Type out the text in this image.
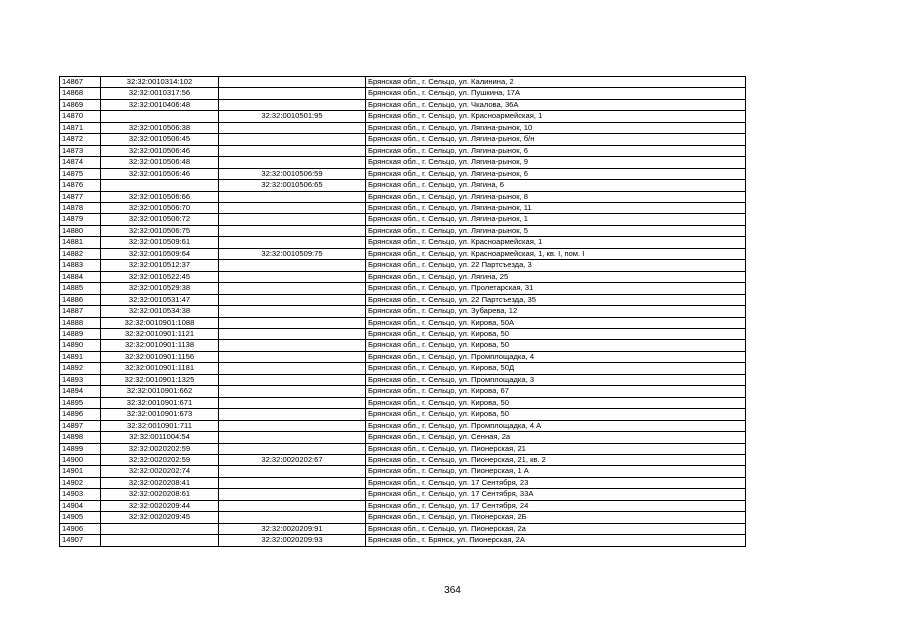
14867	32:32:0010314:102		Брянская обл., г. Сельцо, ул. Калинина, 2
14868	32:32:0010317:56		Брянская обл., г. Сельцо, ул. Пушкина, 17А
14869	32:32:0010406:48		Брянская обл., г. Сельцо, ул. Чкалова, 36А
14870		32:32:0010501:95	Брянская обл., г. Сельцо, ул. Красноармейская, 1
14871	32:32:0010506:38		Брянская обл., г. Сельцо, ул. Лягина-рынок, 10
14872	32:32:0010506:45		Брянская обл., г. Сельцо, ул. Лягина-рынок, б/н
14873	32:32:0010506:46		Брянская обл., г. Сельцо, ул. Лягина-рынок, 6
14874	32:32:0010506:48		Брянская обл., г. Сельцо, ул. Лягина-рынок, 9
14875	32:32:0010506:46	32:32:0010506:59	Брянская обл., г. Сельцо, ул. Лягина-рынок, 6
14876		32:32:0010506:65	Брянская обл., г. Сельцо, ул. Лягина, 6
14877	32:32:0010506:66		Брянская обл., г. Сельцо, ул. Лягина-рынок, 8
14878	32:32:0010506:70		Брянская обл., г. Сельцо, ул. Лягина-рынок, 11
14879	32:32:0010506:72		Брянская обл., г. Сельцо, ул. Лягина-рынок, 1
14880	32:32:0010506:75		Брянская обл., г. Сельцо, ул. Лягина-рынок, 5
14881	32:32:0010509:61		Брянская обл., г. Сельцо, ул. Красноармейская, 1
14882	32:32:0010509:64	32:32:0010509:75	Брянская обл., г. Сельцо, ул. Красноармейская, 1, кв. I, пом. I
14883	32:32:0010512:37		Брянская обл., г. Сельцо, ул. 22 Партсъезда, 3
14884	32:32:0010522:45		Брянская обл., г. Сельцо, ул. Лягина, 25
14885	32:32:0010529:38		Брянская обл., г. Сельцо, ул. Пролетарская, 31
14886	32:32:0010531:47		Брянская обл., г. Сельцо, ул. 22 Партсъезда, 35
14887	32:32:0010534:38		Брянская обл., г. Сельцо, ул. Зубарева, 12
14888	32:32:0010901:1088		Брянская обл., г. Сельцо, ул. Кирова, 50А
14889	32:32:0010901:1121		Брянская обл., г. Сельцо, ул. Кирова, 50
14890	32:32:0010901:1138		Брянская обл., г. Сельцо, ул. Кирова, 50
14891	32:32:0010901:1156		Брянская обл., г. Сельцо, ул. Промплощадка, 4
14892	32:32:0010901:1181		Брянская обл., г. Сельцо, ул. Кирова, 50Д
14893	32:32:0010901:1325		Брянская обл., г. Сельцо, ул. Промплощадка, 3
14894	32:32:0010901:662		Брянская обл., г. Сельцо, ул. Кирова, 67
14895	32:32:0010901:671		Брянская обл., г. Сельцо, ул. Кирова, 50
14896	32:32:0010901:673		Брянская обл., г. Сельцо, ул. Кирова, 50
14897	32:32:0010901:711		Брянская обл., г. Сельцо, ул. Промплощадка, 4 А
14898	32:32:0011004:54		Брянская обл., г. Сельцо, ул. Сенная, 2а
14899	32:32:0020202:59		Брянская обл., г. Сельцо, ул. Пионерская, 21
14900	32:32:0020202:59	32:32:0020202:67	Брянская обл., г. Сельцо, ул. Пионерская, 21, кв. 2
14901	32:32:0020202:74		Брянская обл., г. Сельцо, ул. Пионерская, 1 А
14902	32:32:0020208:41		Брянская обл., г. Сельцо, ул. 17 Сентября, 23
14903	32:32:0020208:61		Брянская обл., г. Сельцо, ул. 17 Сентября, 33А
14904	32:32:0020209:44		Брянская обл., г. Сельцо, ул. 17 Сентября, 24
14905	32:32:0020209:45		Брянская обл., г. Сельцо, ул. Пионерская, 2Б
14906		32:32:0020209:91	Брянская обл., г. Сельцо, ул. Пионерская, 2а
14907		32:32:0020209:93	Брянская обл., г. Брянск, ул. Пионерская, 2А
364
